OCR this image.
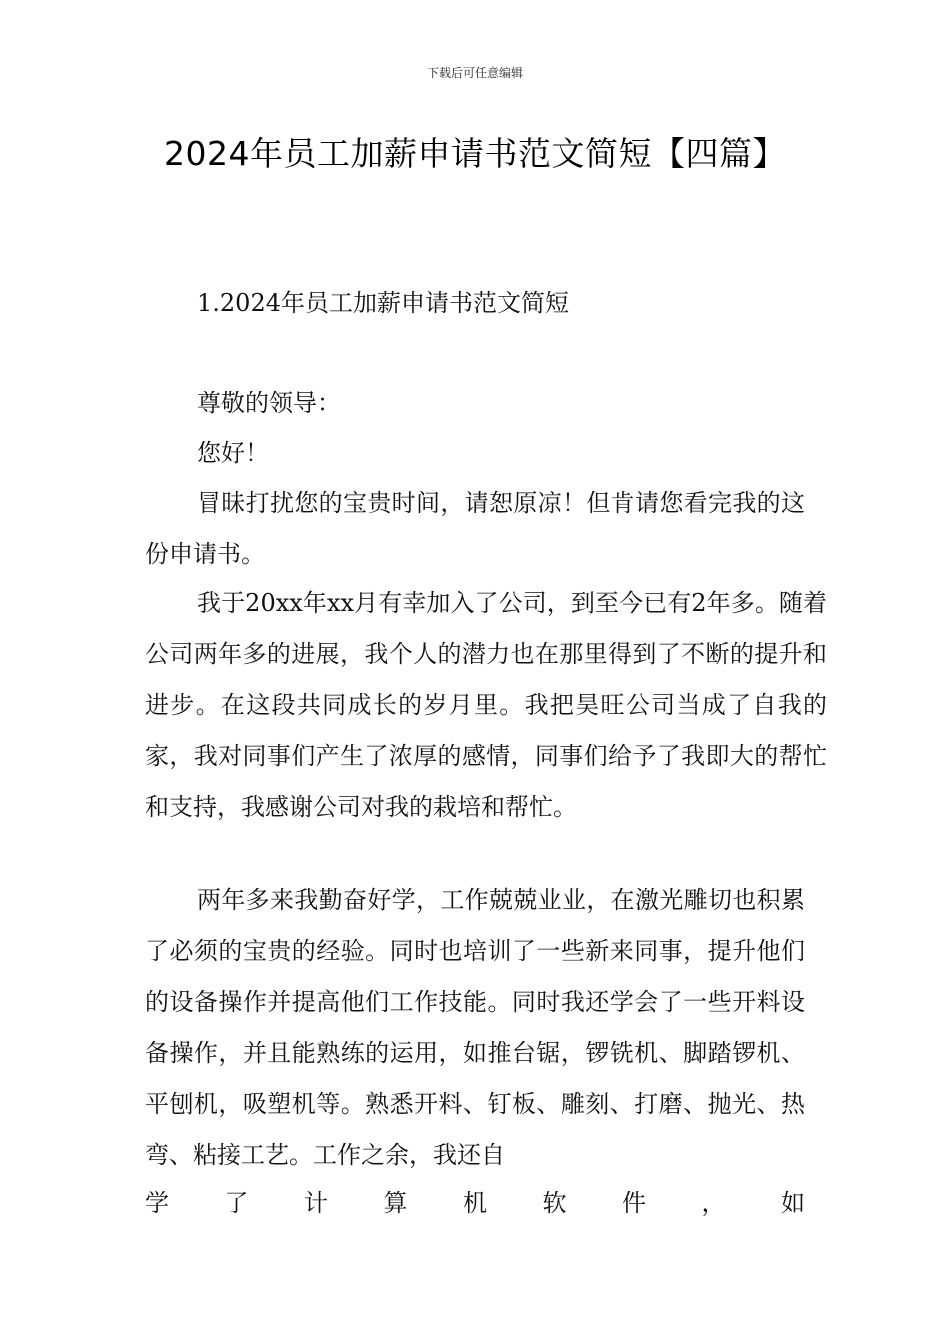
下载后可任意编辑
2024年员工加薪申请书范文简短【四篇】
1.2024年员工加薪申请书范文简短
尊敬的领导：
您好！

冒昧打扰您的宝贵时间，请恕原凉！但肯请您看完我的这份申请书。

我于20xx年xx月有幸加入了公司，到至今已有2年多。随着公司两年多的进展，我个人的潜力也在那里得到了不断的提升和进步。在这段共同成长的岁月里。我把昊旺公司当成了自我的家，我对同事们产生了浓厚的感情，同事们给予了我即大的帮忙和支持，我感谢公司对我的栽培和帮忙。

两年多来我勤奋好学，工作兢兢业业，在激光雕切也积累了必须的宝贵的经验。同时也培训了一些新来同事，提升他们的设备操作并提高他们工作技能。同时我还学会了一些开料设备操作，并且能熟练的运用，如推台锯，锣铣机、脚踏锣机、平刨机，吸塑机等。熟悉开料、钉板、雕刻、打磨、抛光、热弯、粘接工艺。工作之余，我还自

学 了 计 算 机 软 件 ， 如
